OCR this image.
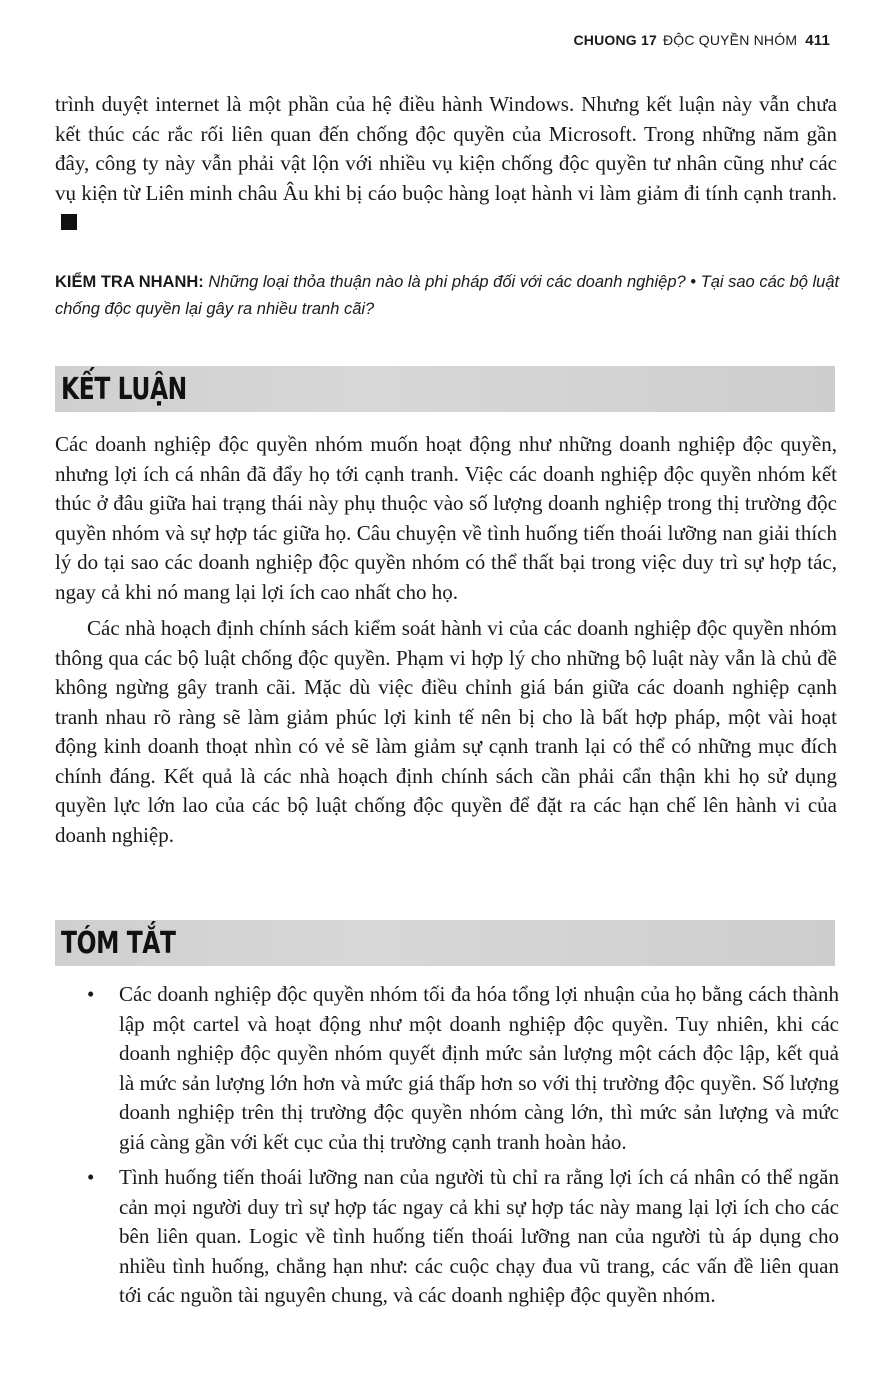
CHUONG 17 ĐỘC QUYỀN NHÓM 411

trình duyệt internet là một phần của hệ điều hành Windows. Nhưng kết luận này vẫn chưa kết thúc các rắc rối liên quan đến chống độc quyền của Microsoft. Trong những năm gần đây, công ty này vẫn phải vật lộn với nhiều vụ kiện chống độc quyền tư nhân cũng như các vụ kiện từ Liên minh châu Âu khi bị cáo buộc hàng loạt hành vi làm giảm đi tính cạnh tranh.

KIỂM TRA NHANH: Những loại thỏa thuận nào là phi pháp đối với các doanh nghiệp? • Tại sao các bộ luật chống độc quyền lại gây ra nhiều tranh cãi?
KẾT LUẬN

Các doanh nghiệp độc quyền nhóm muốn hoạt động như những doanh nghiệp độc quyền, nhưng lợi ích cá nhân đã đẩy họ tới cạnh tranh. Việc các doanh nghiệp độc quyền nhóm kết thúc ở đâu giữa hai trạng thái này phụ thuộc vào số lượng doanh nghiệp trong thị trường độc quyền nhóm và sự hợp tác giữa họ. Câu chuyện về tình huống tiến thoái lưỡng nan giải thích lý do tại sao các doanh nghiệp độc quyền nhóm có thể thất bại trong việc duy trì sự hợp tác, ngay cả khi nó mang lại lợi ích cao nhất cho họ.

Các nhà hoạch định chính sách kiểm soát hành vi của các doanh nghiệp độc quyền nhóm thông qua các bộ luật chống độc quyền. Phạm vi hợp lý cho những bộ luật này vẫn là chủ đề không ngừng gây tranh cãi. Mặc dù việc điều chỉnh giá bán giữa các doanh nghiệp cạnh tranh nhau rõ ràng sẽ làm giảm phúc lợi kinh tế nên bị cho là bất hợp pháp, một vài hoạt động kinh doanh thoạt nhìn có vẻ sẽ làm giảm sự cạnh tranh lại có thể có những mục đích chính đáng. Kết quả là các nhà hoạch định chính sách cần phải cẩn thận khi họ sử dụng quyền lực lớn lao của các bộ luật chống độc quyền để đặt ra các hạn chế lên hành vi của doanh nghiệp.

TÓM TẮT
• Các doanh nghiệp độc quyền nhóm tối đa hóa tổng lợi nhuận của họ bằng cách thành lập một cartel và hoạt động như một doanh nghiệp độc quyền. Tuy nhiên, khi các doanh nghiệp độc quyền nhóm quyết định mức sản lượng một cách độc lập, kết quả là mức sản lượng lớn hơn và mức giá thấp hơn so với thị trường độc quyền. Số lượng doanh nghiệp trên thị trường độc quyền nhóm càng lớn, thì mức sản lượng và mức giá càng gần với kết cục của thị trường cạnh tranh hoàn hảo.

• Tình huống tiến thoái lưỡng nan của người tù chỉ ra rằng lợi ích cá nhân có thể ngăn cản mọi người duy trì sự hợp tác ngay cả khi sự hợp tác này mang lại lợi ích cho các bên liên quan. Logic về tình huống tiến thoái lưỡng nan của người tù áp dụng cho nhiều tình huống, chẳng hạn như: các cuộc chạy đua vũ trang, các vấn đề liên quan tới các nguồn tài nguyên chung, và các doanh nghiệp độc quyền nhóm.
